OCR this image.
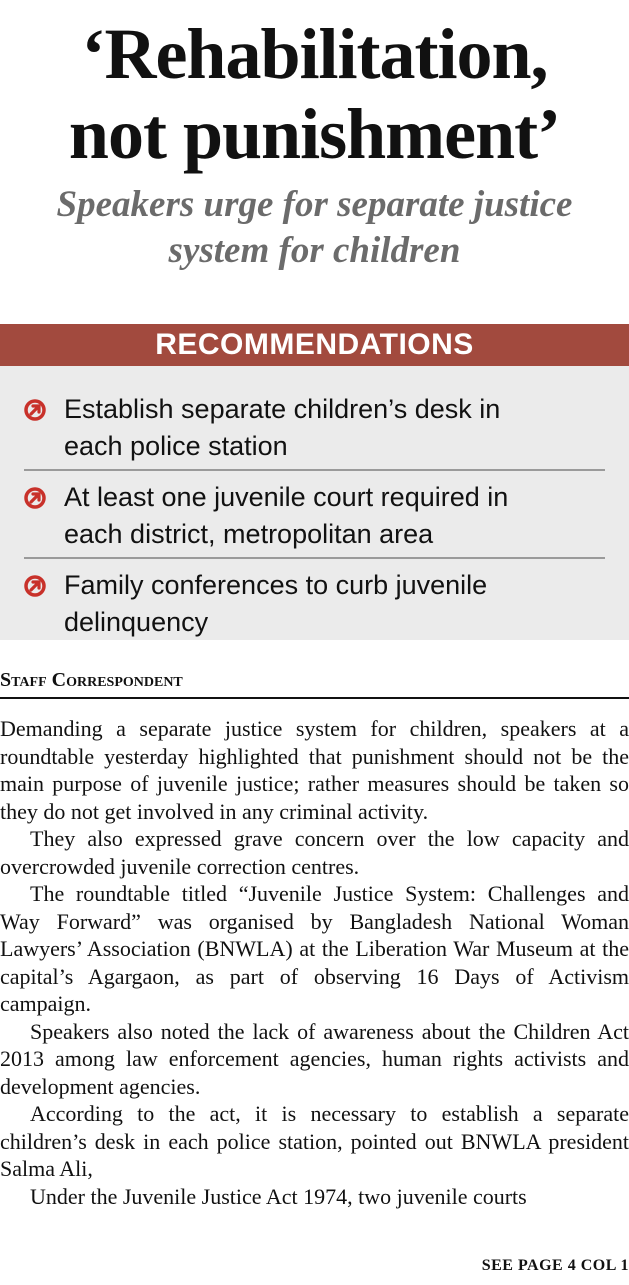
‘Rehabilitation,
not punishment’
Speakers urge for separate justice
system for children
RECOMMENDATIONS
Establish separate children’s desk in
each police station
At least one juvenile court required in
each district, metropolitan area
Family conferences to curb juvenile
delinquency
Staff Correspondent

Demanding a separate justice system for children, speakers at a roundtable yesterday highlighted that punishment should not be the main purpose of juvenile justice; rather measures should be taken so they do not get involved in any criminal activity.

They also expressed grave concern over the low capacity and overcrowded juvenile correction centres.

The roundtable titled “Juvenile Justice System: Challenges and Way Forward” was organised by Bangladesh National Woman Lawyers’ Association (BNWLA) at the Liberation War Museum at the capital’s Agargaon, as part of observing 16 Days of Activism campaign.

Speakers also noted the lack of awareness about the Children Act 2013 among law enforcement agencies, human rights activists and development agencies.

According to the act, it is necessary to establish a separate children’s desk in each police station, pointed out BNWLA president Salma Ali,

Under the Juvenile Justice Act 1974, two juvenile courts

SEE PAGE 4 COL 1
